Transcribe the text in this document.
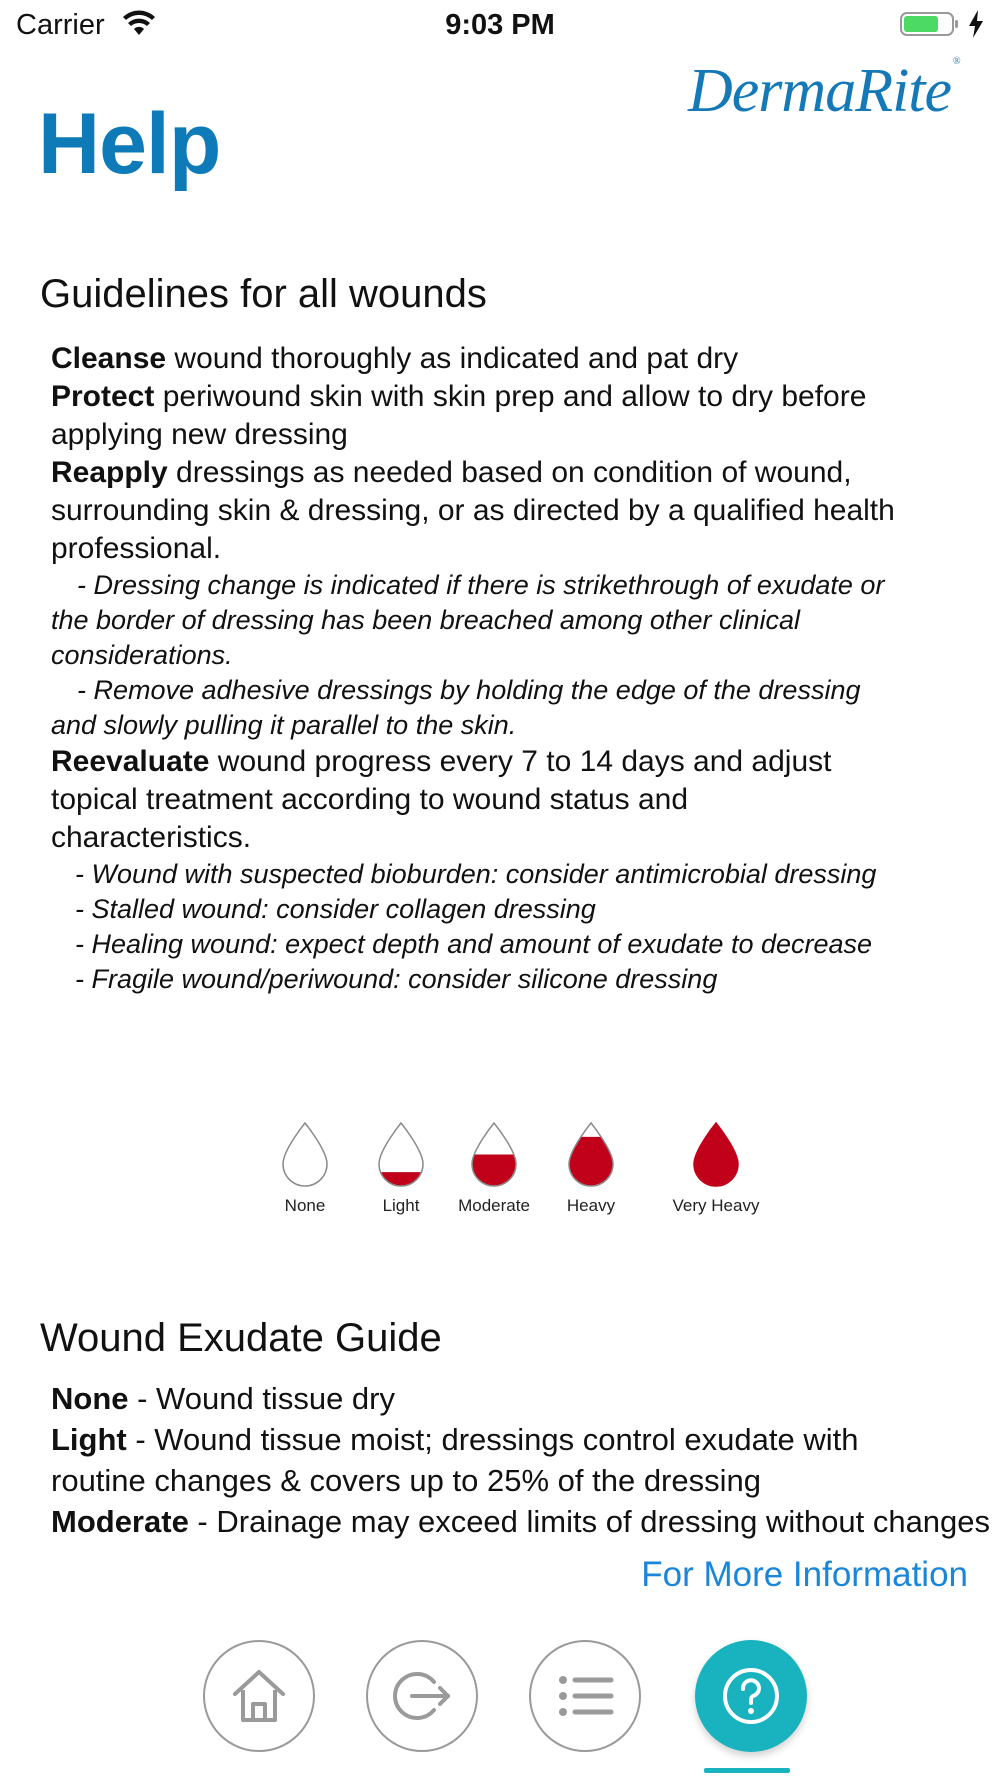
Carrier	9:03 PM
DermaRite ®
Help
Guidelines for all wounds
Cleanse wound thoroughly as indicated and pat dry
Protect periwound skin with skin prep and allow to dry before
applying new dressing
Reapply dressings as needed based on condition of wound,
surrounding skin & dressing, or as directed by a qualified health
professional.
- Dressing change is indicated if there is strikethrough of exudate or
the border of dressing has been breached among other clinical
considerations.
- Remove adhesive dressings by holding the edge of the dressing
and slowly pulling it parallel to the skin.
Reevaluate wound progress every 7 to 14 days and adjust
topical treatment according to wound status and
characteristics.
- Wound with suspected bioburden: consider antimicrobial dressing
- Stalled wound: consider collagen dressing
- Healing wound: expect depth and amount of exudate to decrease
- Fragile wound/periwound: consider silicone dressing
None	Light	Moderate	Heavy	Very Heavy
Wound Exudate Guide
None - Wound tissue dry
Light - Wound tissue moist; dressings control exudate with
routine changes & covers up to 25% of the dressing
Moderate - Drainage may exceed limits of dressing without changes
For More Information
